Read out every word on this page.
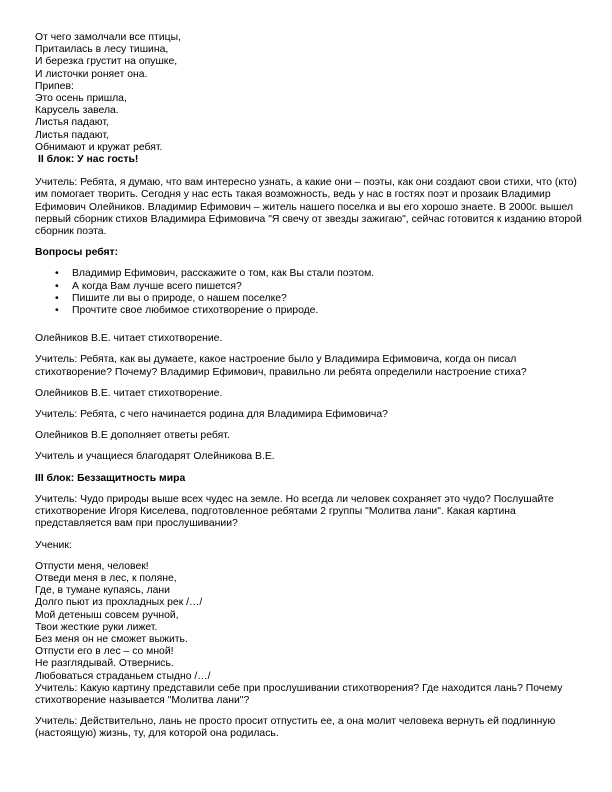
От чего замолчали все птицы,
Притаилась в лесу тишина,
И березка грустит на опушке,
И листочки роняет она.
Припев:
Это осень пришла,
Карусель завела.
Листья падают,
Листья падают,
Обнимают и кружат ребят.
II блок: У нас гость!
Учитель: Ребята, я думаю, что вам интересно узнать, а какие они – поэты, как они создают свои стихи, что (кто)
им помогает творить. Сегодня у нас есть такая возможность, ведь у нас в гостях поэт и прозаик Владимир
Ефимович Олейников. Владимир Ефимович – житель нашего поселка и вы его хорошо знаете. В 2000г. вышел
первый сборник стихов Владимира Ефимовича "Я свечу от звезды зажигаю", сейчас готовится к изданию второй
сборник поэта.
Вопросы ребят:
• Владимир Ефимович, расскажите о том, как Вы стали поэтом.
• А когда Вам лучше всего пишется?
• Пишите ли вы о природе, о нашем поселке?
• Прочтите свое любимое стихотворение о природе.
Олейников В.Е. читает стихотворение.
Учитель: Ребята, как вы думаете, какое настроение было у Владимира Ефимовича, когда он писал
стихотворение? Почему? Владимир Ефимович, правильно ли ребята определили настроение стиха?
Олейников В.Е. читает стихотворение.
Учитель: Ребята, с чего начинается родина для Владимира Ефимовича?
Олейников В.Е дополняет ответы ребят.
Учитель и учащиеся благодарят Олейникова В.Е.
III блок: Беззащитность мира
Учитель: Чудо природы выше всех чудес на земле. Но всегда ли человек сохраняет это чудо? Послушайте
стихотворение Игоря Киселева, подготовленное ребятами 2 группы "Молитва лани". Какая картина
представляется вам при прослушивании?
Ученик:
Отпусти меня, человек!
Отведи меня в лес, к поляне,
Где, в тумане купаясь, лани
Долго пьют из прохладных рек /…/
Мой детеныш совсем ручной,
Твои жесткие руки лижет.
Без меня он не сможет выжить.
Отпусти его в лес – со мной!
Не разглядывай. Отвернись.
Любоваться страданьем стыдно /…/
Учитель: Какую картину представили себе при прослушивании стихотворения? Где находится лань? Почему
стихотворение называется "Молитва лани"?
Учитель: Действительно, лань не просто просит отпустить ее, а она молит человека вернуть ей подлинную
(настоящую) жизнь, ту, для которой она родилась.
